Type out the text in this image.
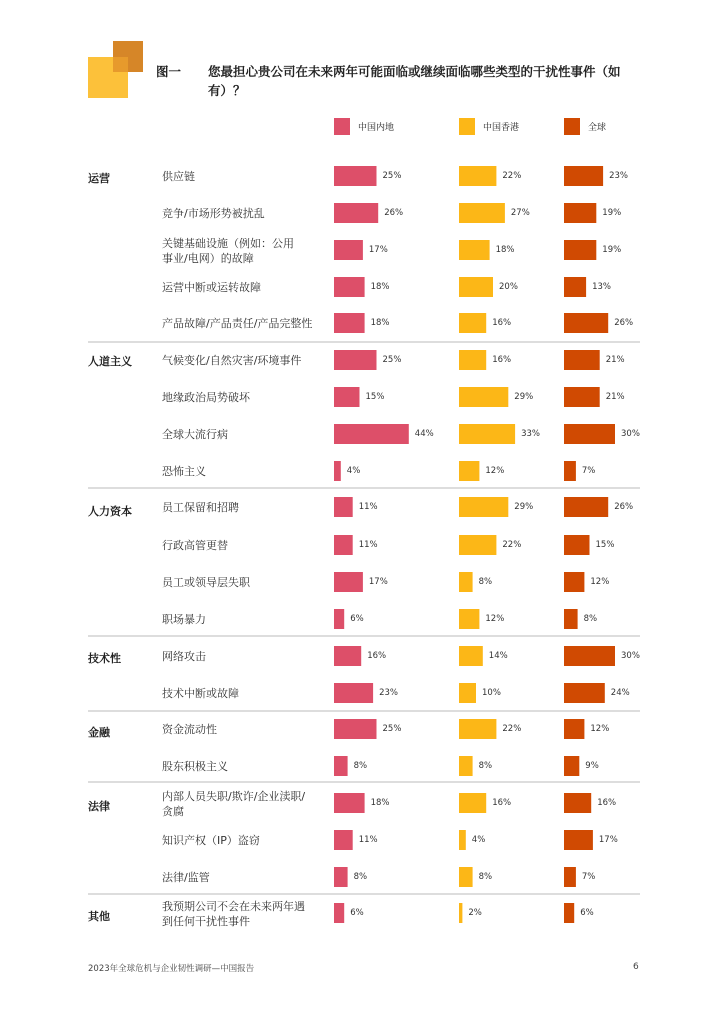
图一 您最担心贵公司在未来两年可能面临或继续面临哪些类型的干扰性事件（如有）？
中国内地	中国香港	全球
运营	供应链	25%	22%	23%
竞争/市场形势被扰乱	26%	27%	19%
关键基础设施（例如：公用
事业/电网）的故障
17%	18%	19%
运营中断或运转故障	18%	20%	13%
产品故障/产品责任/产品完整性	18%	16%	26%
人道主义	气候变化/自然灾害/环境事件	25%	16%	21%
地缘政治局势破坏	15%	29%	21%
全球大流行病	44%	33%	30%
恐怖主义	4%	12%	7%
人力资本	员工保留和招聘	11%	29%	26%
行政高管更替	11%	22%	15%
员工或领导层失职	17%	8%	12%
职场暴力	6%	12%	8%
技术性	网络攻击	16%	14%	30%
技术中断或故障	23%	10%	24%
金融	资金流动性	25%	22%	12%
股东积极主义	8%	8%	9%
法律
内部人员失职/欺诈/企业渎职/
贪腐
18%	16%	16%
知识产权（IP）盗窃	11%	4%	17%
法律/监管	8%	8%	7%
其他
我预期公司不会在未来两年遇
到任何干扰性事件
6%	2%	6%
2023年全球危机与企业韧性调研—中国报告	6
